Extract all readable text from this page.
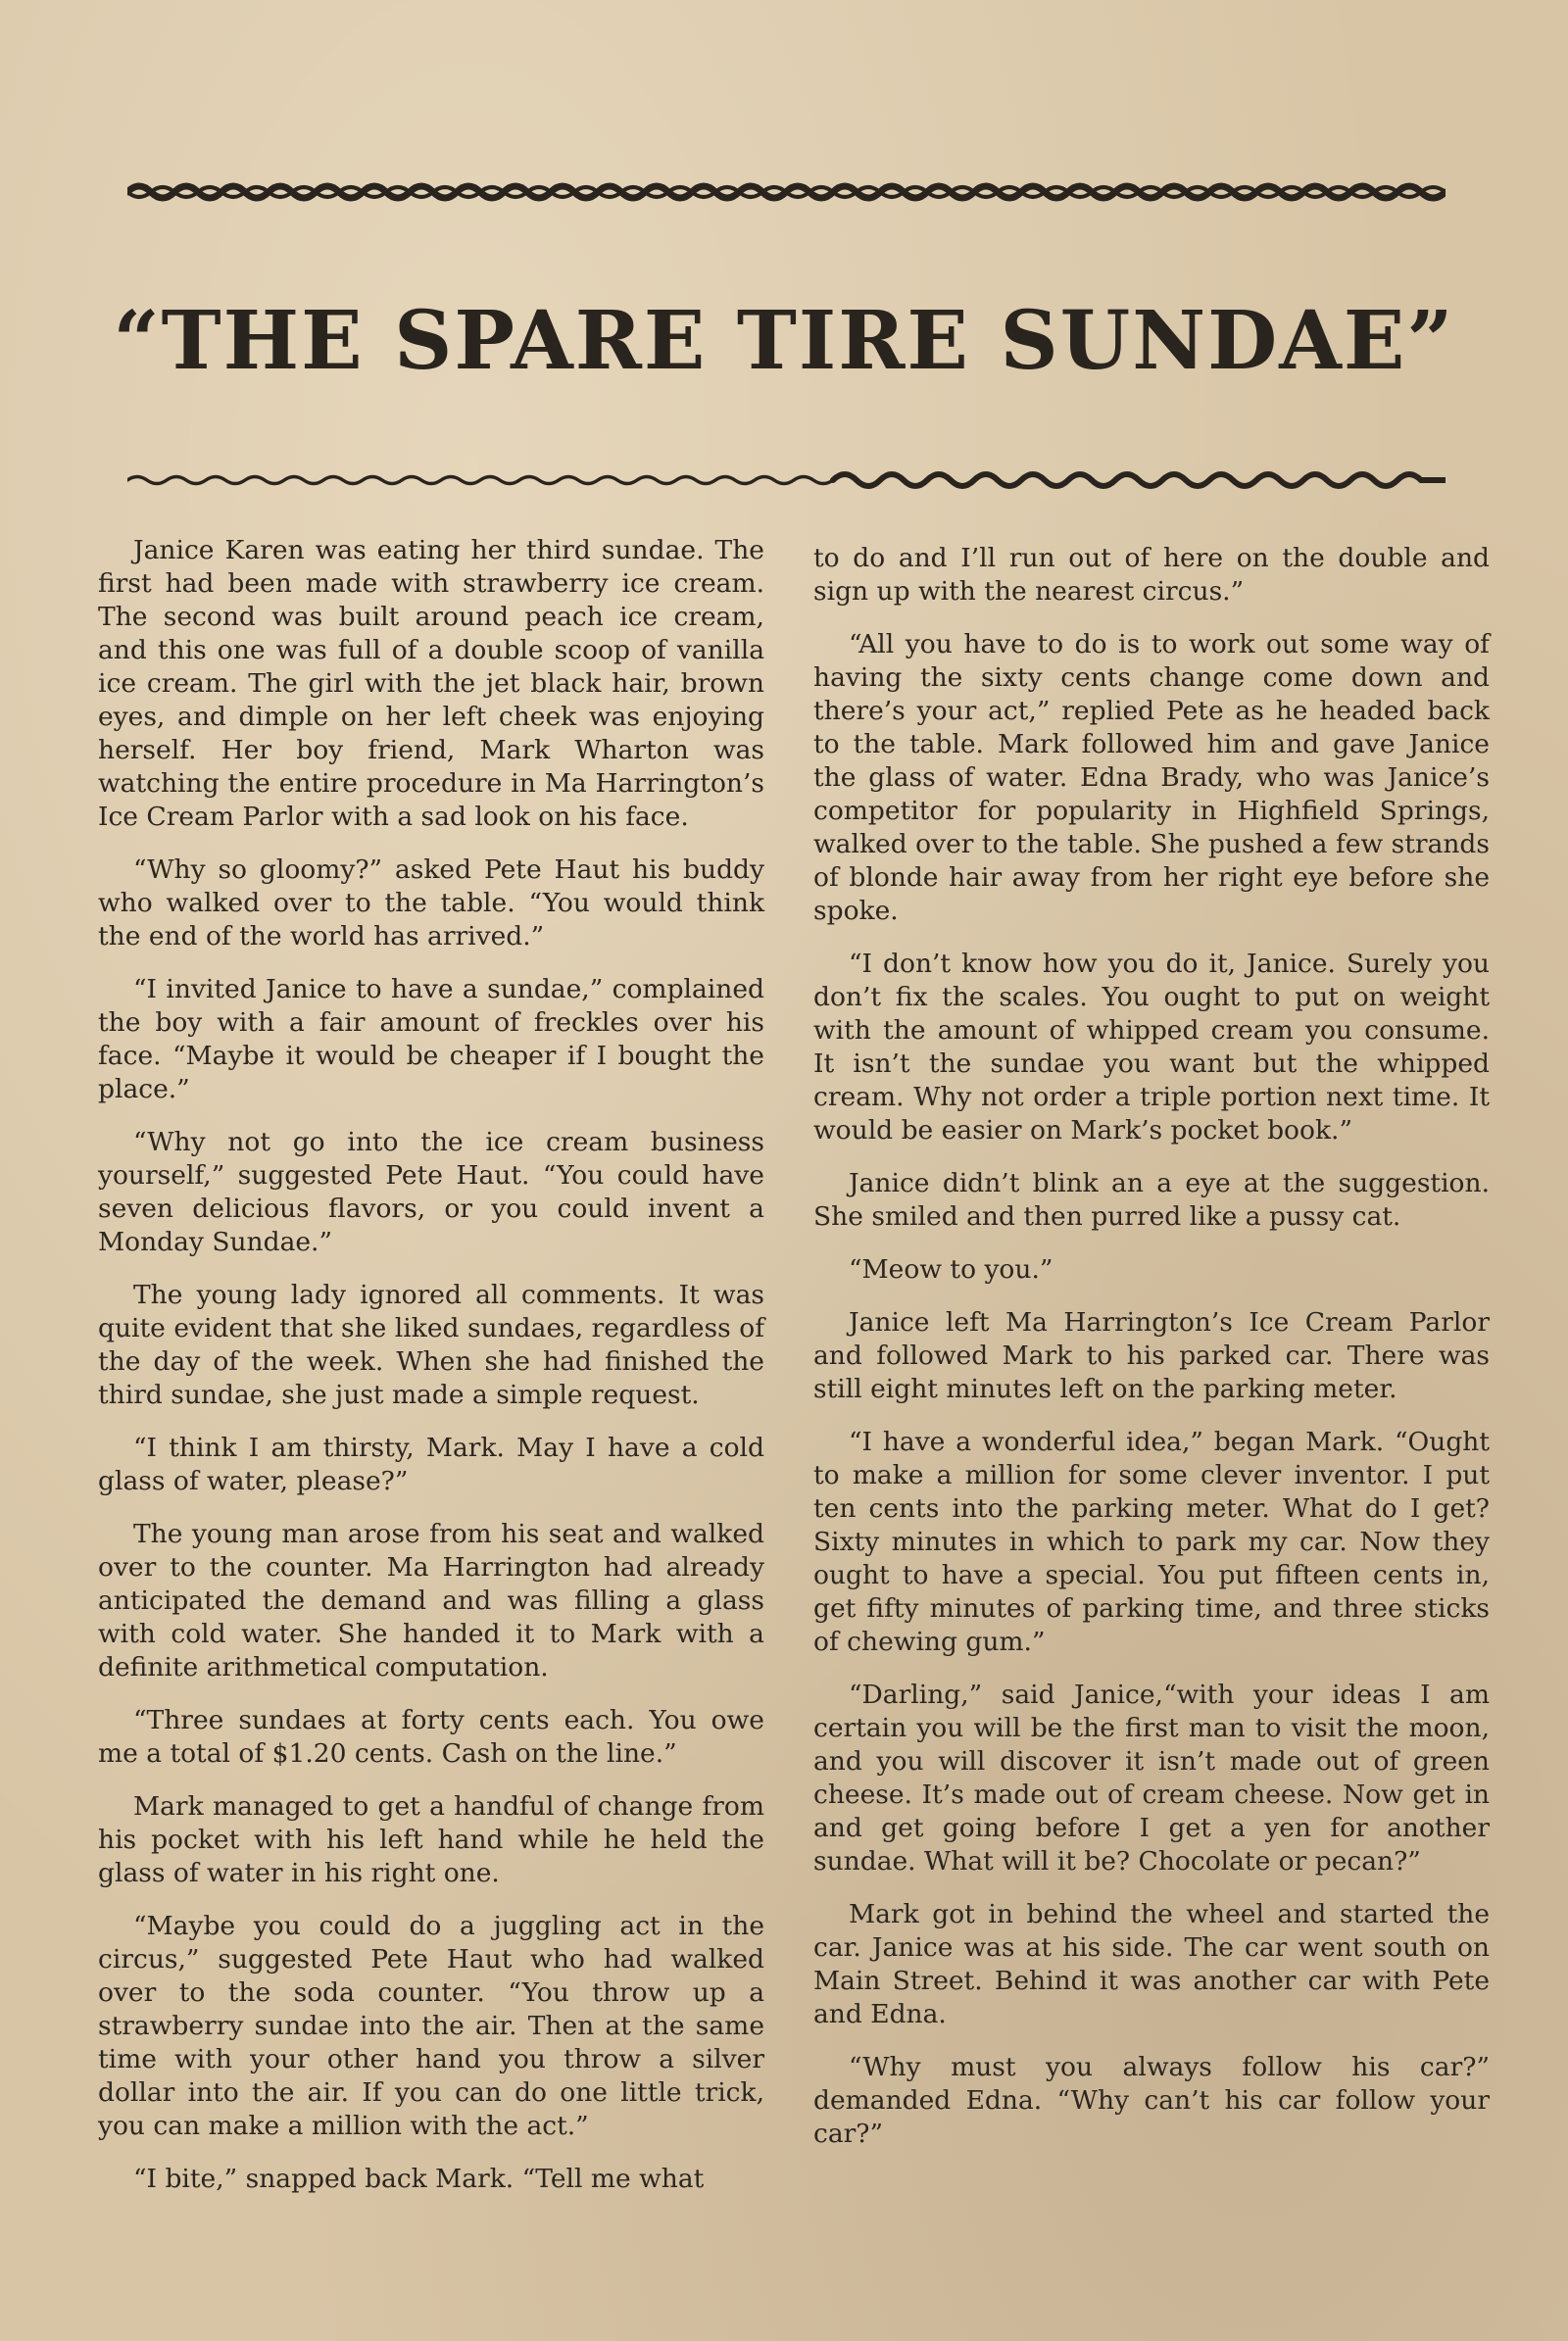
“THE SPARE TIRE SUNDAE”

Janice Karen was eating her third sundae. The first had been made with strawberry ice cream. The second was built around peach ice cream, and this one was full of a double scoop of vanilla ice cream. The girl with the jet black hair, brown eyes, and dimple on her left cheek was enjoying herself. Her boy friend, Mark Wharton was watching the entire procedure in Ma Harrington’s Ice Cream Parlor with a sad look on his face.

“Why so gloomy?” asked Pete Haut his buddy who walked over to the table. “You would think the end of the world has arrived.”

“I invited Janice to have a sundae,” complained the boy with a fair amount of freckles over his face. “Maybe it would be cheaper if I bought the place.”

“Why not go into the ice cream business yourself,” suggested Pete Haut. “You could have seven delicious flavors, or you could invent a Monday Sundae.”

The young lady ignored all comments. It was quite evident that she liked sundaes, regardless of the day of the week. When she had finished the third sundae, she just made a simple request.

“I think I am thirsty, Mark. May I have a cold glass of water, please?”

The young man arose from his seat and walked over to the counter. Ma Harrington had already anticipated the demand and was filling a glass with cold water. She handed it to Mark with a definite arithmetical computation.

“Three sundaes at forty cents each. You owe me a total of $1.20 cents. Cash on the line.”

Mark managed to get a handful of change from his pocket with his left hand while he held the glass of water in his right one.

“Maybe you could do a juggling act in the circus,” suggested Pete Haut who had walked over to the soda counter. “You throw up a strawberry sundae into the air. Then at the same time with your other hand you throw a silver dollar into the air. If you can do one little trick, you can make a million with the act.”

“I bite,” snapped back Mark. “Tell me what

to do and I’ll run out of here on the double and sign up with the nearest circus.”

“All you have to do is to work out some way of having the sixty cents change come down and there’s your act,” replied Pete as he headed back to the table. Mark followed him and gave Janice the glass of water. Edna Brady, who was Janice’s competitor for popularity in Highfield Springs, walked over to the table. She pushed a few strands of blonde hair away from her right eye before she spoke.

“I don’t know how you do it, Janice. Surely you don’t fix the scales. You ought to put on weight with the amount of whipped cream you consume. It isn’t the sundae you want but the whipped cream. Why not order a triple portion next time. It would be easier on Mark’s pocket book.”

Janice didn’t blink an a eye at the suggestion. She smiled and then purred like a pussy cat.

“Meow to you.”

Janice left Ma Harrington’s Ice Cream Parlor and followed Mark to his parked car. There was still eight minutes left on the parking meter.

“I have a wonderful idea,” began Mark. “Ought to make a million for some clever inventor. I put ten cents into the parking meter. What do I get? Sixty minutes in which to park my car. Now they ought to have a special. You put fifteen cents in, get fifty minutes of parking time, and three sticks of chewing gum.”

“Darling,” said Janice,“with your ideas I am certain you will be the first man to visit the moon, and you will discover it isn’t made out of green cheese. It’s made out of cream cheese. Now get in and get going before I get a yen for another sundae. What will it be? Chocolate or pecan?”

Mark got in behind the wheel and started the car. Janice was at his side. The car went south on Main Street. Behind it was another car with Pete and Edna.

“Why must you always follow his car?” demanded Edna. “Why can’t his car follow your car?”
